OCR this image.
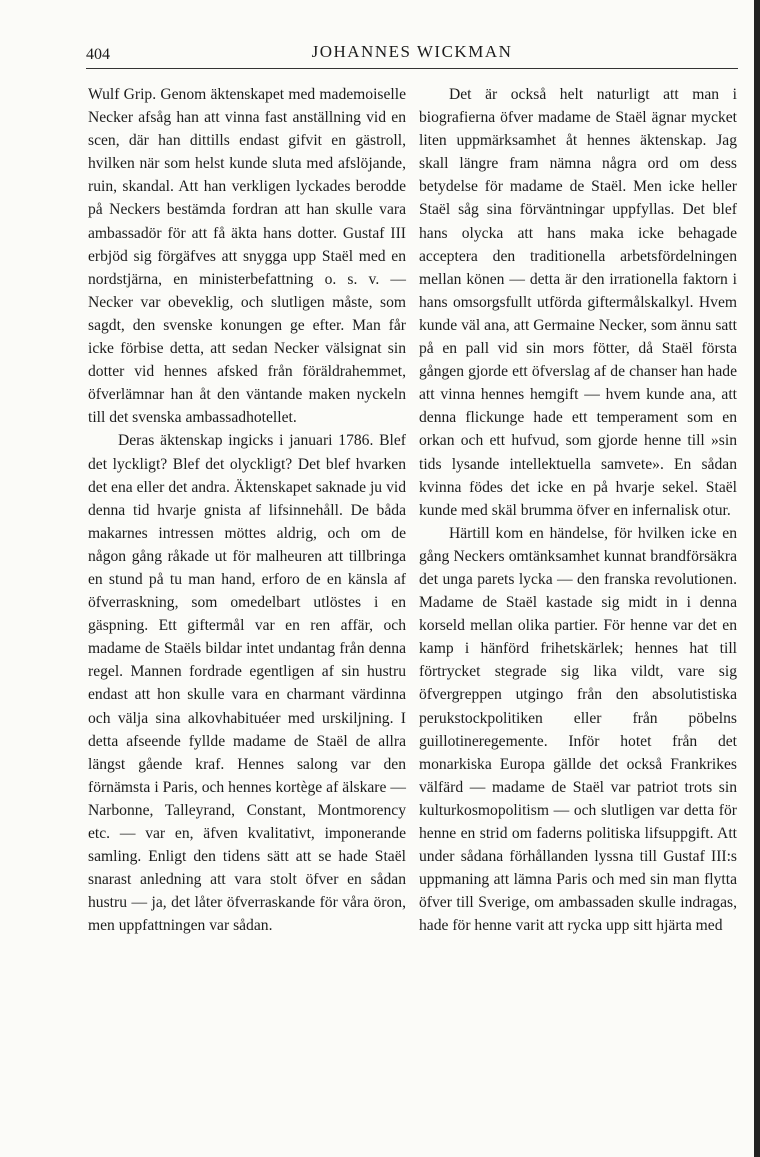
404	JOHANNES WICKMAN

Wulf Grip. Genom äktenskapet med mademoiselle Necker afsåg han att vinna fast anställning vid en scen, där han dittills endast gifvit en gästroll, hvilken när som helst kunde sluta med afslöjande, ruin, skandal. Att han verkligen lyckades berodde på Neckers bestämda fordran att han skulle vara ambassadör för att få äkta hans dotter. Gustaf III erbjöd sig förgäfves att snygga upp Staël med en nordstjärna, en ministerbefattning o. s. v. — Necker var obeveklig, och slutligen måste, som sagdt, den svenske konungen ge efter. Man får icke förbise detta, att sedan Necker välsignat sin dotter vid hennes afsked från föräldrahemmet, öfverlämnar han åt den väntande maken nyckeln till det svenska ambassadhotellet.

Deras äktenskap ingicks i januari 1786. Blef det lyckligt? Blef det olyckligt? Det blef hvarken det ena eller det andra. Äktenskapet saknade ju vid denna tid hvarje gnista af lifsinnehåll. De båda makarnes intressen möttes aldrig, och om de någon gång råkade ut för malheuren att tillbringa en stund på tu man hand, erforo de en känsla af öfverraskning, som omedelbart utlöstes i en gäspning. Ett giftermål var en ren affär, och madame de Staëls bildar intet undantag från denna regel. Mannen fordrade egentligen af sin hustru endast att hon skulle vara en charmant värdinna och välja sina alkovhabituéer med urskiljning. I detta afseende fyllde madame de Staël de allra längst gående kraf. Hennes salong var den förnämsta i Paris, och hennes kortège af älskare — Narbonne, Talleyrand, Constant, Montmorency etc. — var en, äfven kvalitativt, imponerande samling. Enligt den tidens sätt att se hade Staël snarast anledning att vara stolt öfver en sådan hustru — ja, det låter öfverraskande för våra öron, men uppfattningen var sådan.

Det är också helt naturligt att man i biografierna öfver madame de Staël ägnar mycket liten uppmärksamhet åt hennes äktenskap. Jag skall längre fram nämna några ord om dess betydelse för madame de Staël. Men icke heller Staël såg sina förväntningar uppfyllas. Det blef hans olycka att hans maka icke behagade acceptera den traditionella arbetsfördelningen mellan könen — detta är den irrationella faktorn i hans omsorgsfullt utförda giftermålskalkyl. Hvem kunde väl ana, att Germaine Necker, som ännu satt på en pall vid sin mors fötter, då Staël första gången gjorde ett öfverslag af de chanser han hade att vinna hennes hemgift — hvem kunde ana, att denna flickunge hade ett temperament som en orkan och ett hufvud, som gjorde henne till »sin tids lysande intellektuella samvete». En sådan kvinna födes det icke en på hvarje sekel. Staël kunde med skäl brumma öfver en infernalisk otur.

Härtill kom en händelse, för hvilken icke en gång Neckers omtänksamhet kunnat brandförsäkra det unga parets lycka — den franska revolutionen. Madame de Staël kastade sig midt in i denna korseld mellan olika partier. För henne var det en kamp i hänförd frihetskärlek; hennes hat till förtrycket stegrade sig lika vildt, vare sig öfvergreppen utgingo från den absolutistiska perukstockpolitiken eller från pöbelns guillotineregemente. Inför hotet från det monarkiska Europa gällde det också Frankrikes välfärd — madame de Staël var patriot trots sin kulturkosmopolitism — och slutligen var detta för henne en strid om faderns politiska lifsuppgift. Att under sådana förhållanden lyssna till Gustaf III:s uppmaning att lämna Paris och med sin man flytta öfver till Sverige, om ambassaden skulle indragas, hade för henne varit att rycka upp sitt hjärta med
